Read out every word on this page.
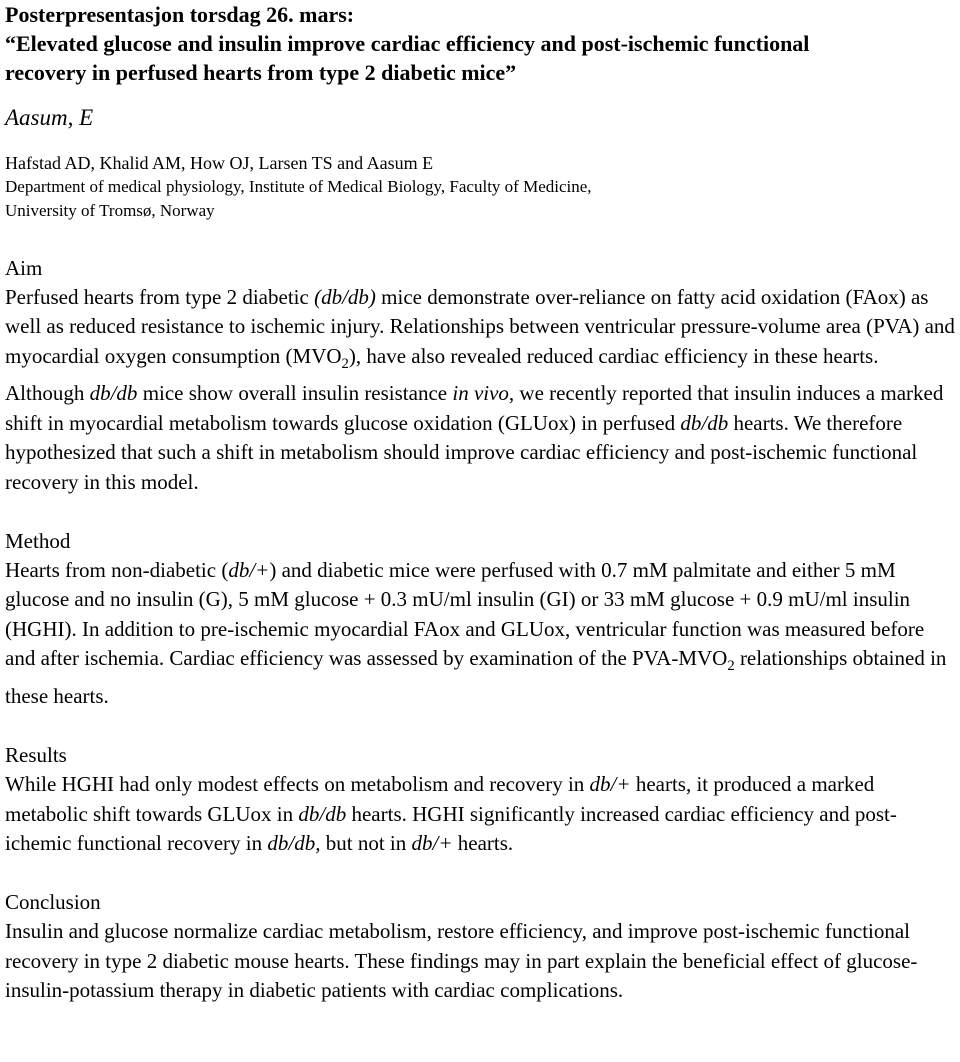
Posterpresentasjon torsdag 26. mars:

“Elevated glucose and insulin improve cardiac efficiency and post-ischemic functional

recovery in perfused hearts from type 2 diabetic mice”

Aasum, E
Hafstad AD, Khalid AM, How OJ, Larsen TS and Aasum E
Department of medical physiology, Institute of Medical Biology, Faculty of Medicine,
University of Tromsø, Norway

Aim

Perfused hearts from type 2 diabetic (db/db) mice demonstrate over-reliance on fatty acid oxidation (FAox) as well as reduced resistance to ischemic injury. Relationships between ventricular pressure-volume area (PVA) and myocardial oxygen consumption $(MVO_2)$, have also revealed reduced cardiac efficiency in these hearts. Although db/db mice show overall insulin resistance in vivo, we recently reported that insulin induces a marked shift in myocardial metabolism towards glucose oxidation (GLUox) in perfused db/db hearts. We therefore hypothesized that such a shift in metabolism should improve cardiac efficiency and post-ischemic functional recovery in this model.

Method

Hearts from non-diabetic (db/+) and diabetic mice were perfused with 0.7 mM palmitate and either 5 mM glucose and no insulin (G), 5 mM glucose + 0.3 mU/ml insulin (GI) or 33 mM glucose + 0.9 mU/ml insulin (HGHI). In addition to pre-ischemic myocardial FAox and GLUox, ventricular function was measured before and after ischemia. Cardiac efficiency was assessed by examination of the PVA-$MVO_2$ relationships obtained in these hearts.

Results

While HGHI had only modest effects on metabolism and recovery in db/+ hearts, it produced a marked metabolic shift towards GLUox in db/db hearts. HGHI significantly increased cardiac efficiency and post-ichemic functional recovery in db/db, but not in db/+ hearts.

Conclusion

Insulin and glucose normalize cardiac metabolism, restore efficiency, and improve post-ischemic functional recovery in type 2 diabetic mouse hearts. These findings may in part explain the beneficial effect of glucose-insulin-potassium therapy in diabetic patients with cardiac complications.
